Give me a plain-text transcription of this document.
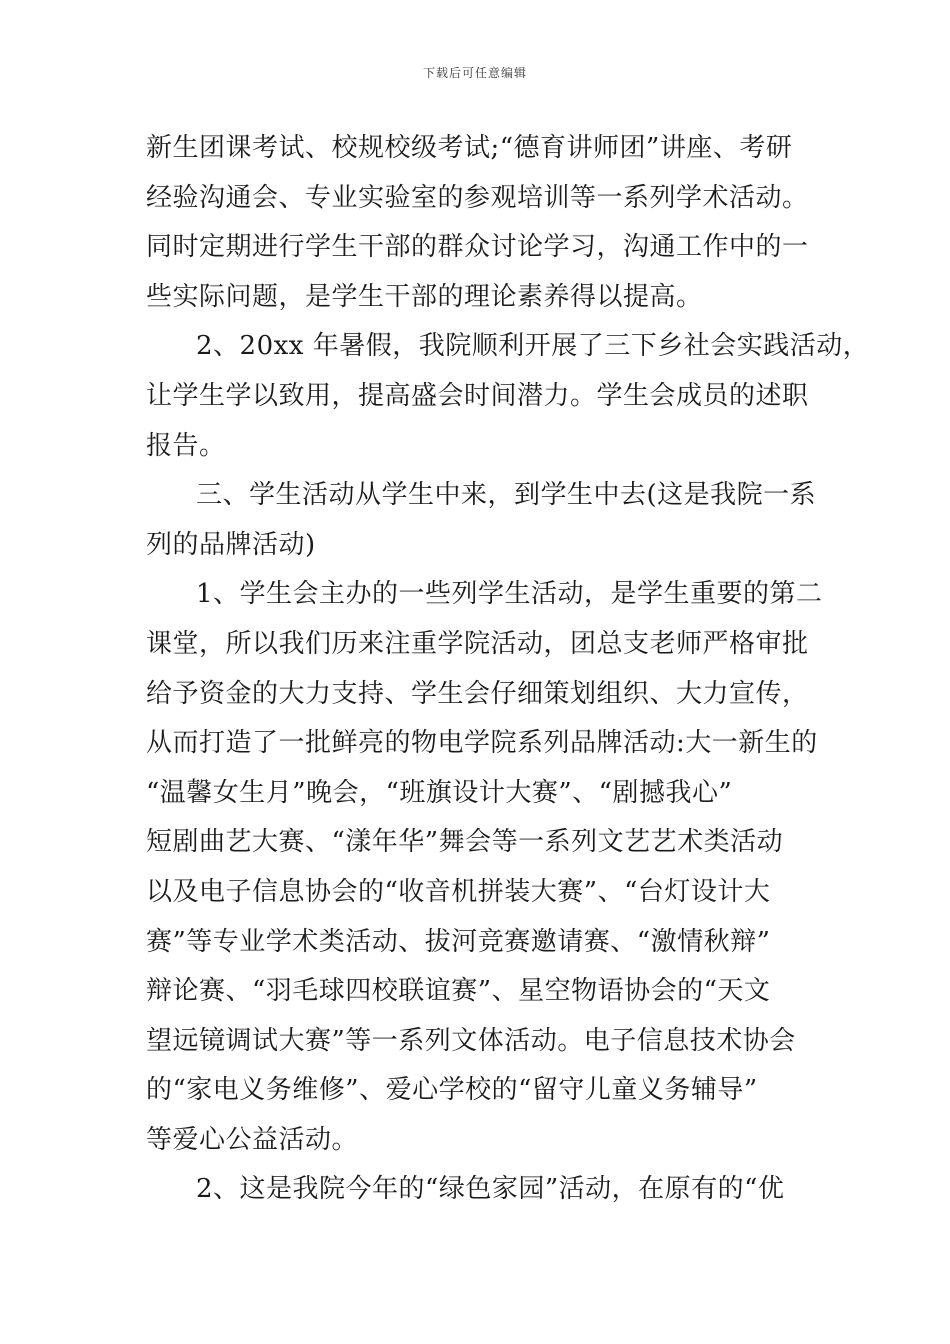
下载后可任意编辑
新生团课考试、校规校级考试;“德育讲师团”讲座、考研
经验沟通会、专业实验室的参观培训等一系列学术活动。
同时定期进行学生干部的群众讨论学习，沟通工作中的一
些实际问题，是学生干部的理论素养得以提高。
2、20xx 年暑假，我院顺利开展了三下乡社会实践活动，
让学生学以致用，提高盛会时间潜力。学生会成员的述职
报告。
三、学生活动从学生中来，到学生中去(这是我院一系
列的品牌活动)
1、学生会主办的一些列学生活动，是学生重要的第二
课堂，所以我们历来注重学院活动，团总支老师严格审批
给予资金的大力支持、学生会仔细策划组织、大力宣传，
从而打造了一批鲜亮的物电学院系列品牌活动:大一新生的
“温馨女生月”晚会，“班旗设计大赛”、“剧撼我心”
短剧曲艺大赛、“漾年华”舞会等一系列文艺艺术类活动
以及电子信息协会的“收音机拼装大赛”、“台灯设计大
赛”等专业学术类活动、拔河竞赛邀请赛、“激情秋辩”
辩论赛、“羽毛球四校联谊赛”、星空物语协会的“天文
望远镜调试大赛”等一系列文体活动。电子信息技术协会
的“家电义务维修”、爱心学校的“留守儿童义务辅导”
等爱心公益活动。
2、这是我院今年的“绿色家园”活动，在原有的“优
